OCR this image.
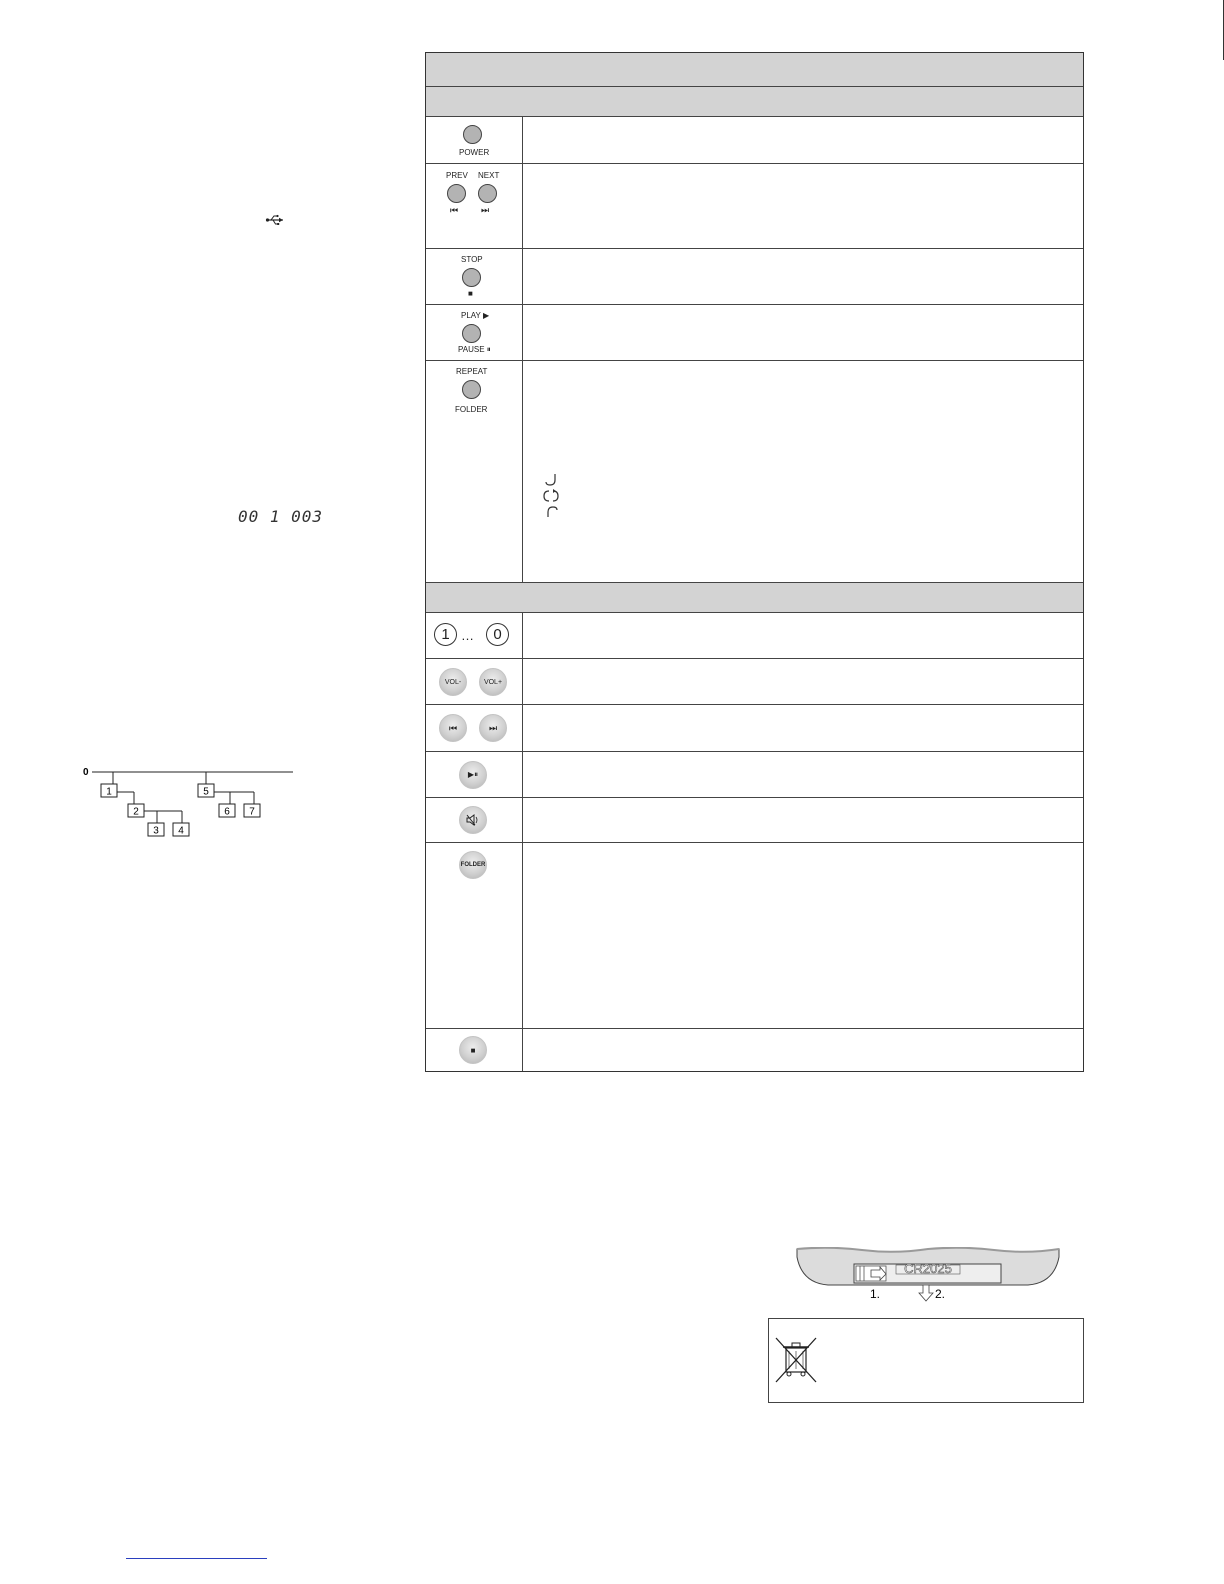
00 1 003
0
1
2
3 4
5
6 7
POWER
PREV NEXT
⏮	⏭
STOP
■
PLAY ▶
PAUSE ⏸
REPEAT
FOLDER
1 …	0
VOL-	VOL+
⏮	⏭
▶⏸
FOLDER
■
CR2025
1.	2.
